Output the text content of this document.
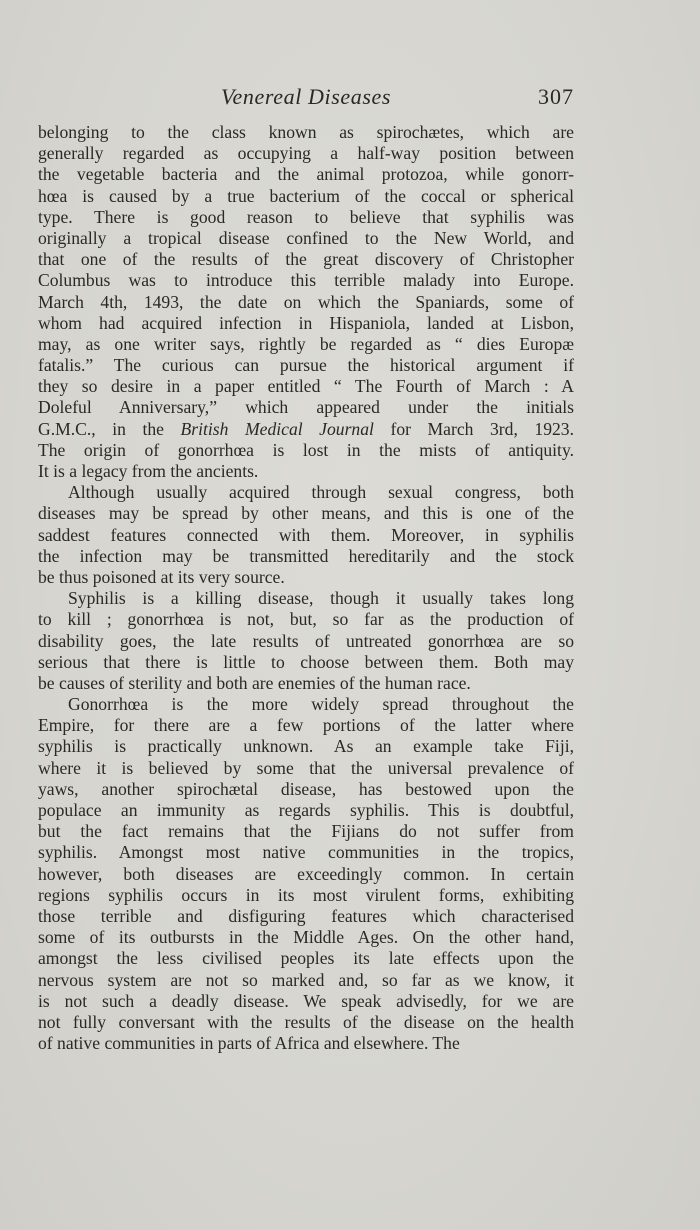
Venereal Diseases	307
belonging to the class known as spirochætes, which are
generally regarded as occupying a half-way position between
the vegetable bacteria and the animal protozoa, while gonorr-
hœa is caused by a true bacterium of the coccal or spherical
type. There is good reason to believe that syphilis was
originally a tropical disease confined to the New World, and
that one of the results of the great discovery of Christopher
Columbus was to introduce this terrible malady into Europe.
March 4th, 1493, the date on which the Spaniards, some of
whom had acquired infection in Hispaniola, landed at Lisbon,
may, as one writer says, rightly be regarded as “ dies Europæ
fatalis.” The curious can pursue the historical argument if
they so desire in a paper entitled “ The Fourth of March : A
Doleful Anniversary,” which appeared under the initials
G.M.C., in the British Medical Journal for March 3rd, 1923.
The origin of gonorrhœa is lost in the mists of antiquity.
It is a legacy from the ancients.
Although usually acquired through sexual congress, both
diseases may be spread by other means, and this is one of the
saddest features connected with them. Moreover, in syphilis
the infection may be transmitted hereditarily and the stock
be thus poisoned at its very source.
Syphilis is a killing disease, though it usually takes long
to kill ; gonorrhœa is not, but, so far as the production of
disability goes, the late results of untreated gonorrhœa are so
serious that there is little to choose between them. Both may
be causes of sterility and both are enemies of the human race.
Gonorrhœa is the more widely spread throughout the
Empire, for there are a few portions of the latter where
syphilis is practically unknown. As an example take Fiji,
where it is believed by some that the universal prevalence of
yaws, another spirochætal disease, has bestowed upon the
populace an immunity as regards syphilis. This is doubtful,
but the fact remains that the Fijians do not suffer from
syphilis. Amongst most native communities in the tropics,
however, both diseases are exceedingly common. In certain
regions syphilis occurs in its most virulent forms, exhibiting
those terrible and disfiguring features which characterised
some of its outbursts in the Middle Ages. On the other hand,
amongst the less civilised peoples its late effects upon the
nervous system are not so marked and, so far as we know, it
is not such a deadly disease. We speak advisedly, for we are
not fully conversant with the results of the disease on the health
of native communities in parts of Africa and elsewhere. The
